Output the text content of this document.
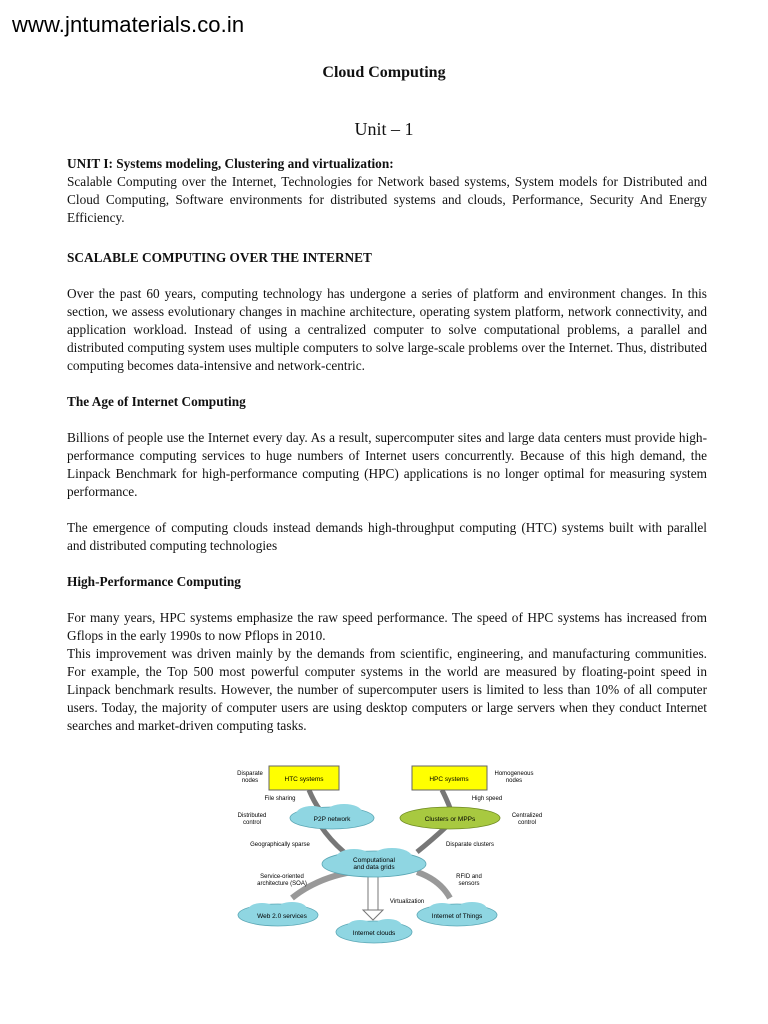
www.jntumaterials.co.in
Cloud Computing
Unit – 1

UNIT I: Systems modeling, Clustering and virtualization:
Scalable Computing over the Internet, Technologies for Network based systems, System models for Distributed and Cloud Computing, Software environments for distributed systems and clouds, Performance, Security And Energy Efficiency.

SCALABLE COMPUTING OVER THE INTERNET

Over the past 60 years, computing technology has undergone a series of platform and environment changes. In this section, we assess evolutionary changes in machine architecture, operating system platform, network connectivity, and application workload. Instead of using a centralized computer to solve computational problems, a parallel and distributed computing system uses multiple computers to solve large-scale problems over the Internet. Thus, distributed computing becomes data-intensive and network-centric.

The Age of Internet Computing

Billions of people use the Internet every day. As a result, supercomputer sites and large data centers must provide high-performance computing services to huge numbers of Internet users concurrently. Because of this high demand, the Linpack Benchmark for high-performance computing (HPC) applications is no longer optimal for measuring system performance.

The emergence of computing clouds instead demands high-throughput computing (HTC) systems built with parallel and distributed computing technologies

High-Performance Computing

For many years, HPC systems emphasize the raw speed performance. The speed of HPC systems has increased from Gflops in the early 1990s to now Pflops in 2010.

This improvement was driven mainly by the demands from scientific, engineering, and manufacturing communities. For example, the Top 500 most powerful computer systems in the world are measured by floating-point speed in Linpack benchmark results. However, the number of supercomputer users is limited to less than 10% of all computer users. Today, the majority of computer users are using desktop computers or large servers when they conduct Internet searches and market-driven computing tasks.

HTC systems	HPC systems
Disparate
nodes
Homogeneous
nodes
File sharing	High speed
P2P network	Clusters or MPPs
Distributed
control
Centralized
control
Geographically sparse	Disparate clusters
Computational
and data grids
Service-oriented
architecture (SOA)
RFID and
sensors
Virtualization
Web 2.0 services	Internet of Things
Internet clouds
